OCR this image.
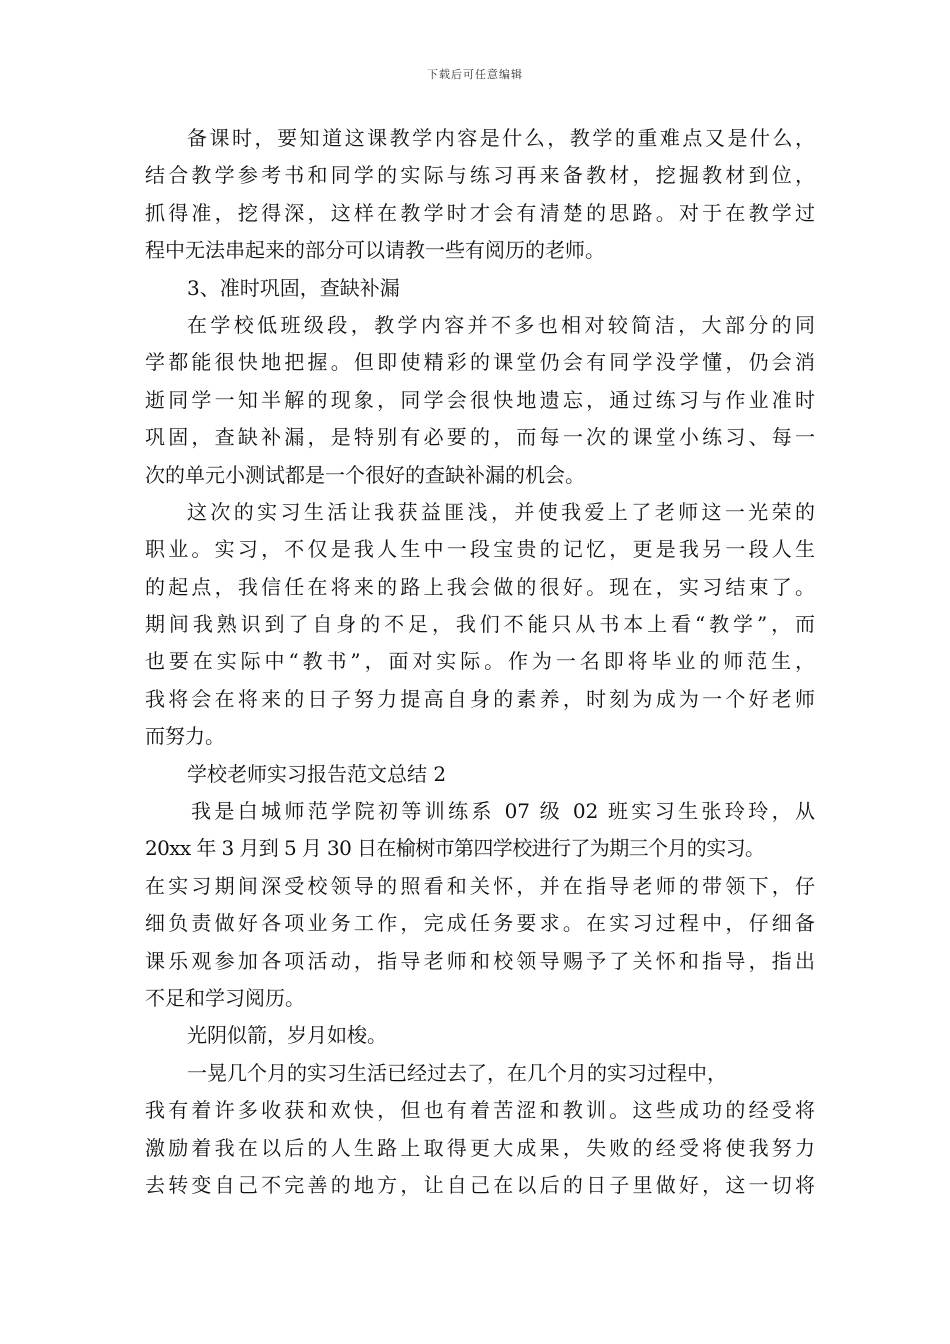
下载后可任意编辑
备课时，要知道这课教学内容是什么，教学的重难点又是什么，
结合教学参考书和同学的实际与练习再来备教材，挖掘教材到位，
抓得准，挖得深，这样在教学时才会有清楚的思路。对于在教学过
程中无法串起来的部分可以请教一些有阅历的老师。
3、准时巩固，查缺补漏
在学校低班级段，教学内容并不多也相对较简洁，大部分的同
学都能很快地把握。但即使精彩的课堂仍会有同学没学懂，仍会消
逝同学一知半解的现象，同学会很快地遗忘，通过练习与作业准时
巩固，查缺补漏，是特别有必要的，而每一次的课堂小练习、每一
次的单元小测试都是一个很好的查缺补漏的机会。
这次的实习生活让我获益匪浅，并使我爱上了老师这一光荣的
职业。实习，不仅是我人生中一段宝贵的记忆，更是我另一段人生
的起点，我信任在将来的路上我会做的很好。现在，实习结束了。
期间我熟识到了自身的不足，我们不能只从书本上看“教学”，而
也要在实际中“教书”，面对实际。作为一名即将毕业的师范生，
我将会在将来的日子努力提高自身的素养，时刻为成为一个好老师
而努力。
学校老师实习报告范文总结 2
我是白城师范学院初等训练系 07 级 02 班实习生张玲玲，从
20xx 年 3 月到 5 月 30 日在榆树市第四学校进行了为期三个月的实习。
在实习期间深受校领导的照看和关怀，并在指导老师的带领下，仔
细负责做好各项业务工作，完成任务要求。在实习过程中，仔细备
课乐观参加各项活动，指导老师和校领导赐予了关怀和指导，指出
不足和学习阅历。
光阴似箭，岁月如梭。
一晃几个月的实习生活已经过去了，在几个月的实习过程中，
我有着许多收获和欢快，但也有着苦涩和教训。这些成功的经受将
激励着我在以后的人生路上取得更大成果，失败的经受将使我努力
去转变自己不完善的地方，让自己在以后的日子里做好，这一切将
